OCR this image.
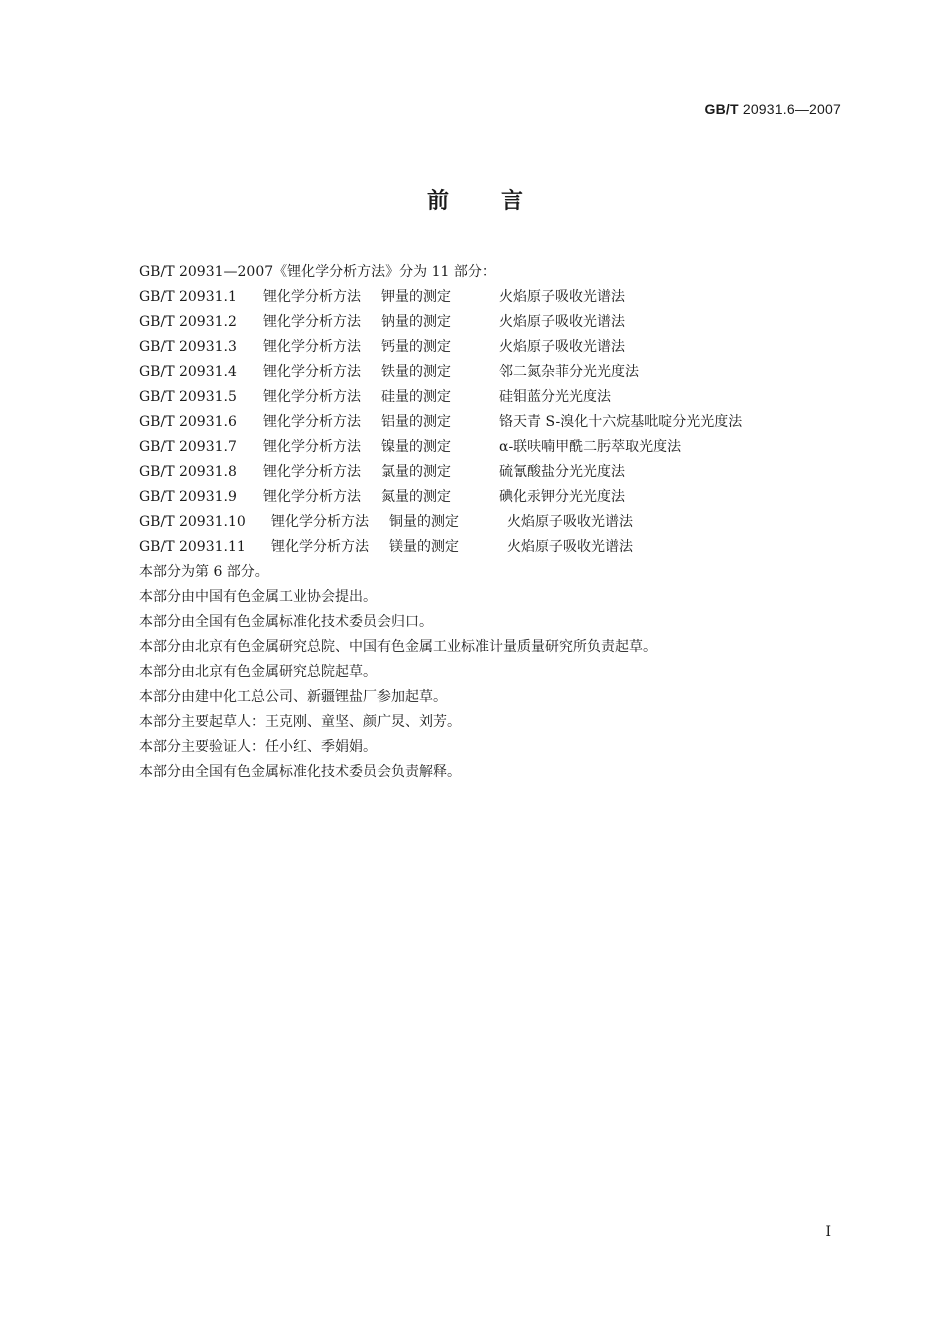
GB/T 20931.6—2007
前言
GB/T 20931—2007《锂化学分析方法》分为 11 部分：
GB/T 20931.1 锂化学分析方法 钾量的测定	火焰原子吸收光谱法
GB/T 20931.2 锂化学分析方法 钠量的测定	火焰原子吸收光谱法
GB/T 20931.3 锂化学分析方法 钙量的测定	火焰原子吸收光谱法
GB/T 20931.4 锂化学分析方法 铁量的测定	邻二氮杂菲分光光度法
GB/T 20931.5 锂化学分析方法 硅量的测定	硅钼蓝分光光度法
GB/T 20931.6 锂化学分析方法 铝量的测定	铬天青 S-溴化十六烷基吡啶分光光度法
GB/T 20931.7 锂化学分析方法 镍量的测定	α-联呋喃甲酰二肟萃取光度法
GB/T 20931.8 锂化学分析方法 氯量的测定	硫氰酸盐分光光度法
GB/T 20931.9 锂化学分析方法 氮量的测定	碘化汞钾分光光度法
GB/T 20931.10 锂化学分析方法 铜量的测定	火焰原子吸收光谱法
GB/T 20931.11 锂化学分析方法 镁量的测定	火焰原子吸收光谱法
本部分为第 6 部分。
本部分由中国有色金属工业协会提出。
本部分由全国有色金属标准化技术委员会归口。
本部分由北京有色金属研究总院、中国有色金属工业标准计量质量研究所负责起草。
本部分由北京有色金属研究总院起草。
本部分由建中化工总公司、新疆锂盐厂参加起草。
本部分主要起草人：王克刚、童坚、颜广炅、刘芳。
本部分主要验证人：任小红、季娟娟。
本部分由全国有色金属标准化技术委员会负责解释。
I
